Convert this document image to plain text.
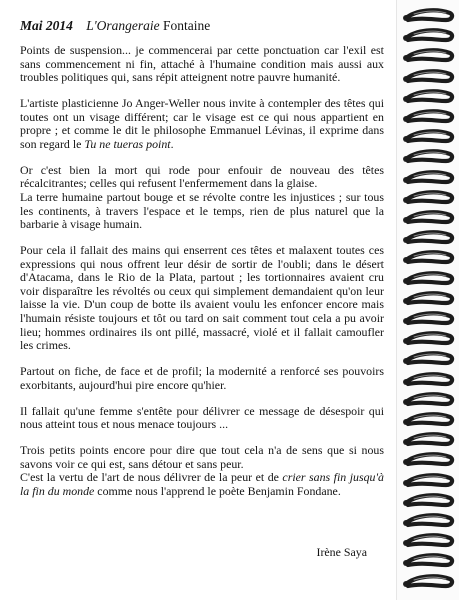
Mai 2014 L'Orangeraie Fontaine

Points de suspension... je commencerai par cette ponctuation car l'exil est sans commencement ni fin, attaché à l'humaine condition mais aussi aux troubles politiques qui, sans répit atteignent notre pauvre humanité.

L'artiste plasticienne Jo Anger-Weller nous invite à contempler des têtes qui toutes ont un visage différent; car le visage est ce qui nous appartient en propre ; et comme le dit le philosophe Emmanuel Lévinas, il exprime dans son regard le Tu ne tueras point.

Or c'est bien la mort qui rode pour enfouir de nouveau des têtes récalcitrantes; celles qui refusent l'enfermement dans la glaise.

La terre humaine partout bouge et se révolte contre les injustices ; sur tous les continents, à travers l'espace et le temps, rien de plus naturel que la barbarie à visage humain.

Pour cela il fallait des mains qui enserrent ces têtes et malaxent toutes ces expressions qui nous offrent leur désir de sortir de l'oubli; dans le désert d'Atacama, dans le Rio de la Plata, partout ; les tortionnaires avaient cru voir disparaître les révoltés ou ceux qui simplement demandaient qu'on leur laisse la vie. D'un coup de botte ils avaient voulu les enfoncer encore mais l'humain résiste toujours et tôt ou tard on sait comment tout cela a pu avoir lieu; hommes ordinaires ils ont pillé, massacré, violé et il fallait camoufler les crimes.

Partout on fiche, de face et de profil; la modernité a renforcé ses pouvoirs exorbitants, aujourd'hui pire encore qu'hier.

Il fallait qu'une femme s'entête pour délivrer ce message de désespoir qui nous atteint tous et nous menace toujours ...

Trois petits points encore pour dire que tout cela n'a de sens que si nous savons voir ce qui est, sans détour et sans peur.

C'est la vertu de l'art de nous délivrer de la peur et de crier sans fin jusqu'à la fin du monde comme nous l'apprend le poète Benjamin Fondane.

Irène Saya
